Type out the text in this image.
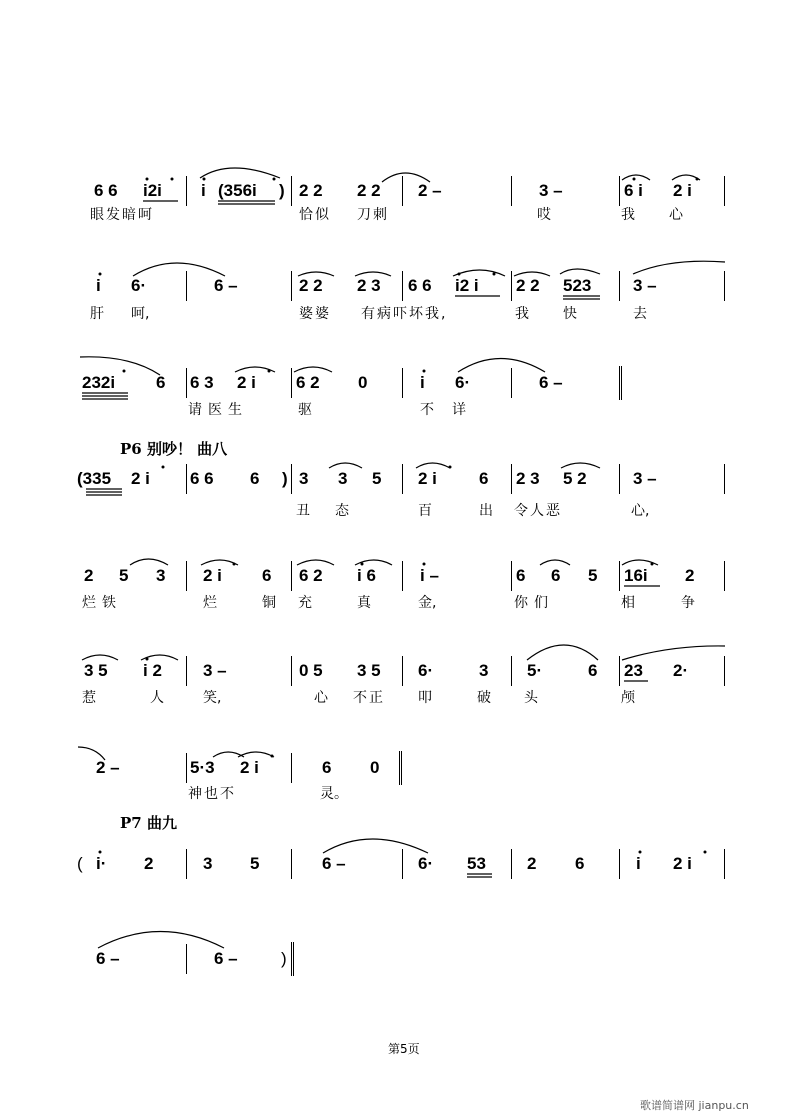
6 6 i2i i (356i ) 2 2 2 2 2 –	3 –	6 i 2 i
眼发暗呵	恰似 刀刺	哎	我 心
i 6·	6 –	2 2 2 3 6 6 i2 i 2 2 523 3 –
肝 呵,	婆婆 有病吓坏我,	我 快	去
232i 6 6 3 2 i 6 2 0	i 6·	6 –
请医生	驱	不详
P6 别吵！ 曲八
(335 2 i 6 6 6 ) 3 3 5 2 i 6 2 3 5 2	3 –
丑 态	百	出 令人恶	心,
2 5 3 2 i 6 6 2 i 6	i –	6 6 5 16i 2
烂铁	烂	铜 充	真	金,	你们	相	争
3 5 i 2 3 –	0 5 3 5 6·	3 5·	6 23 2·
惹	人	笑,	心 不正 叩	破 头	颅
2 –	5·3 2 i	6 0
神也不	灵。
P7 曲九
( i· 2	3 5	6 –	6· 53 2 6	i 2 i
6 –	6 –	)
第5页
歌谱简谱网 jianpu.cn
